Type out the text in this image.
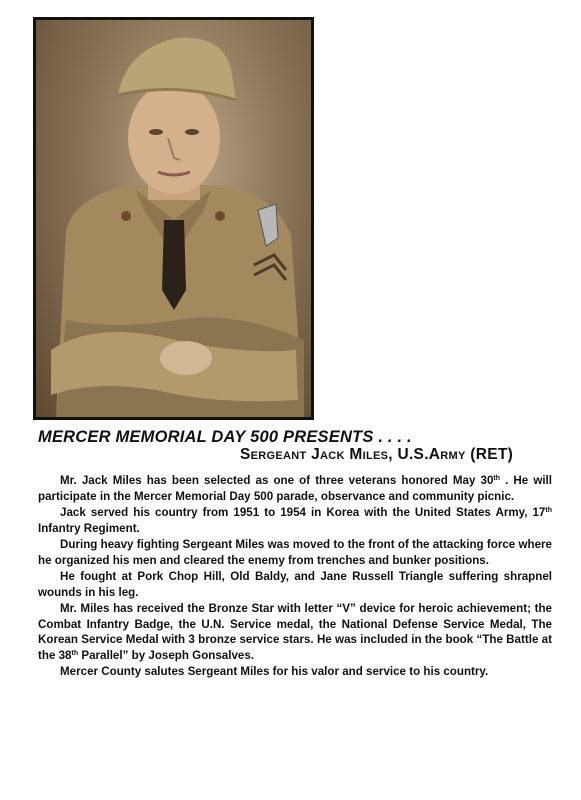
MERCER MEMORIAL DAY 500 PRESENTS . . . .
Sergeant Jack Miles, U.S.Army (RET)

Mr. Jack Miles has been selected as one of three veterans honored May 30th . He will participate in the Mercer Memorial Day 500 parade, observance and community picnic.

Jack served his country from 1951 to 1954 in Korea with the United States Army, 17th Infantry Regiment.

During heavy fighting Sergeant Miles was moved to the front of the attacking force where he organized his men and cleared the enemy from trenches and bunker positions.

He fought at Pork Chop Hill, Old Baldy, and Jane Russell Triangle suffering shrapnel wounds in his leg.

Mr. Miles has received the Bronze Star with letter “V” device for heroic achievement; the Combat Infantry Badge, the U.N. Service medal, the National Defense Service Medal, The Korean Service Medal with 3 bronze service stars. He was included in the book “The Battle at the 38th Parallel” by Joseph Gonsalves.

Mercer County salutes Sergeant Miles for his valor and service to his country.
